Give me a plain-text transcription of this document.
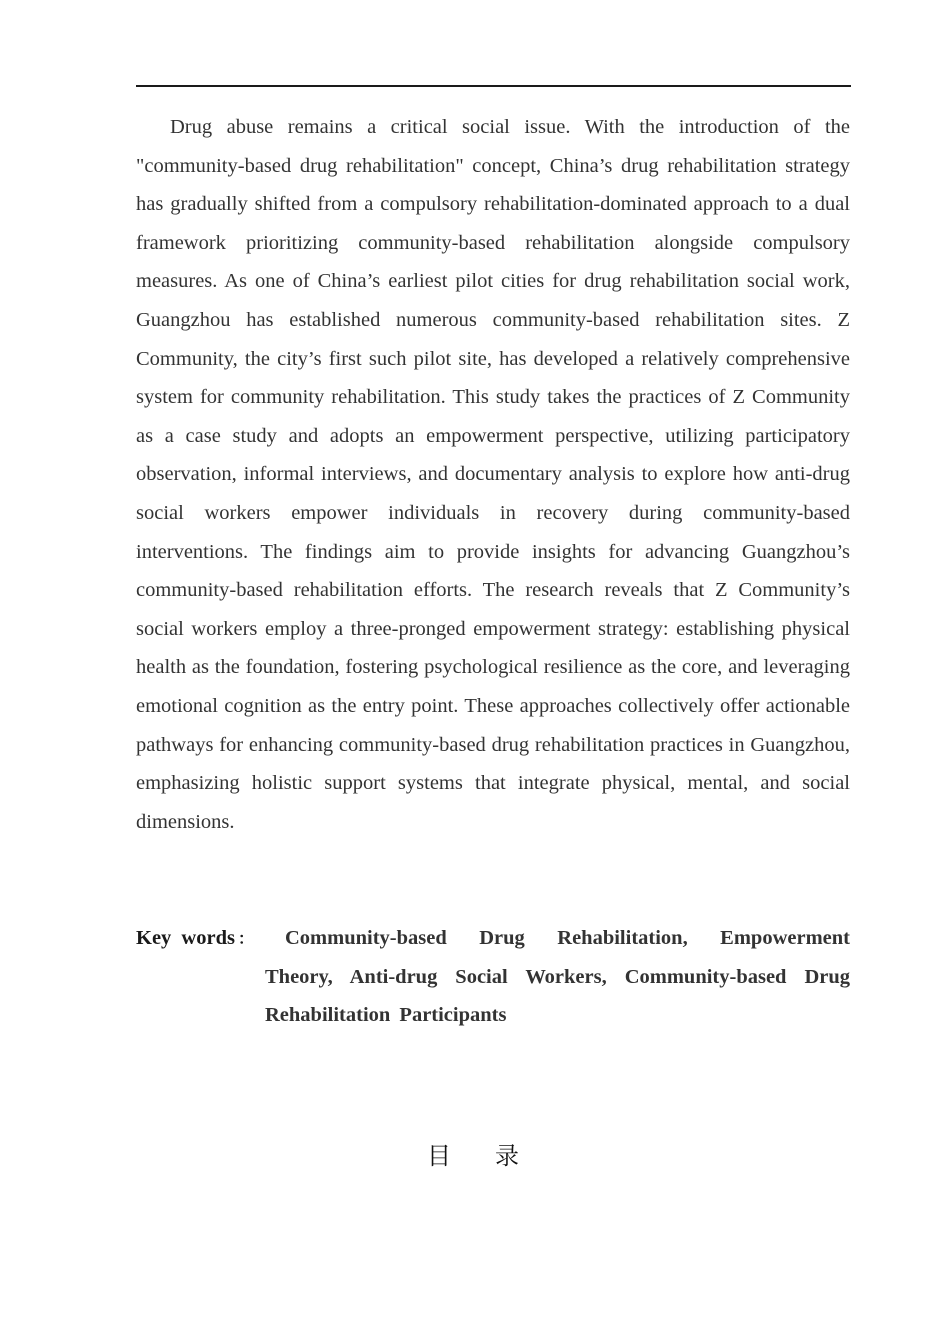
Drug abuse remains a critical social issue. With the introduction of the "community-based drug rehabilitation" concept, China’s drug rehabilitation strategy has gradually shifted from a compulsory rehabilitation-dominated approach to a dual framework prioritizing community-based rehabilitation alongside compulsory measures. As one of China’s earliest pilot cities for drug rehabilitation social work, Guangzhou has established numerous community-based rehabilitation sites. Z Community, the city’s first such pilot site, has developed a relatively comprehensive system for community rehabilitation. This study takes the practices of Z Community as a case study and adopts an empowerment perspective, utilizing participatory observation, informal interviews, and documentary analysis to explore how anti-drug social workers empower individuals in recovery during community-based interventions. The findings aim to provide insights for advancing Guangzhou’s community-based rehabilitation efforts. The research reveals that Z Community’s social workers employ a three-pronged empowerment strategy: establishing physical health as the foundation, fostering psychological resilience as the core, and leveraging emotional cognition as the entry point. These approaches collectively offer actionable pathways for enhancing community-based drug rehabilitation practices in Guangzhou, emphasizing holistic support systems that integrate physical, mental, and social dimensions.

Key words ：	Community-based Drug Rehabilitation, Empowerment Theory, Anti-drug Social Workers, Community-based Drug Rehabilitation Participants
目录
